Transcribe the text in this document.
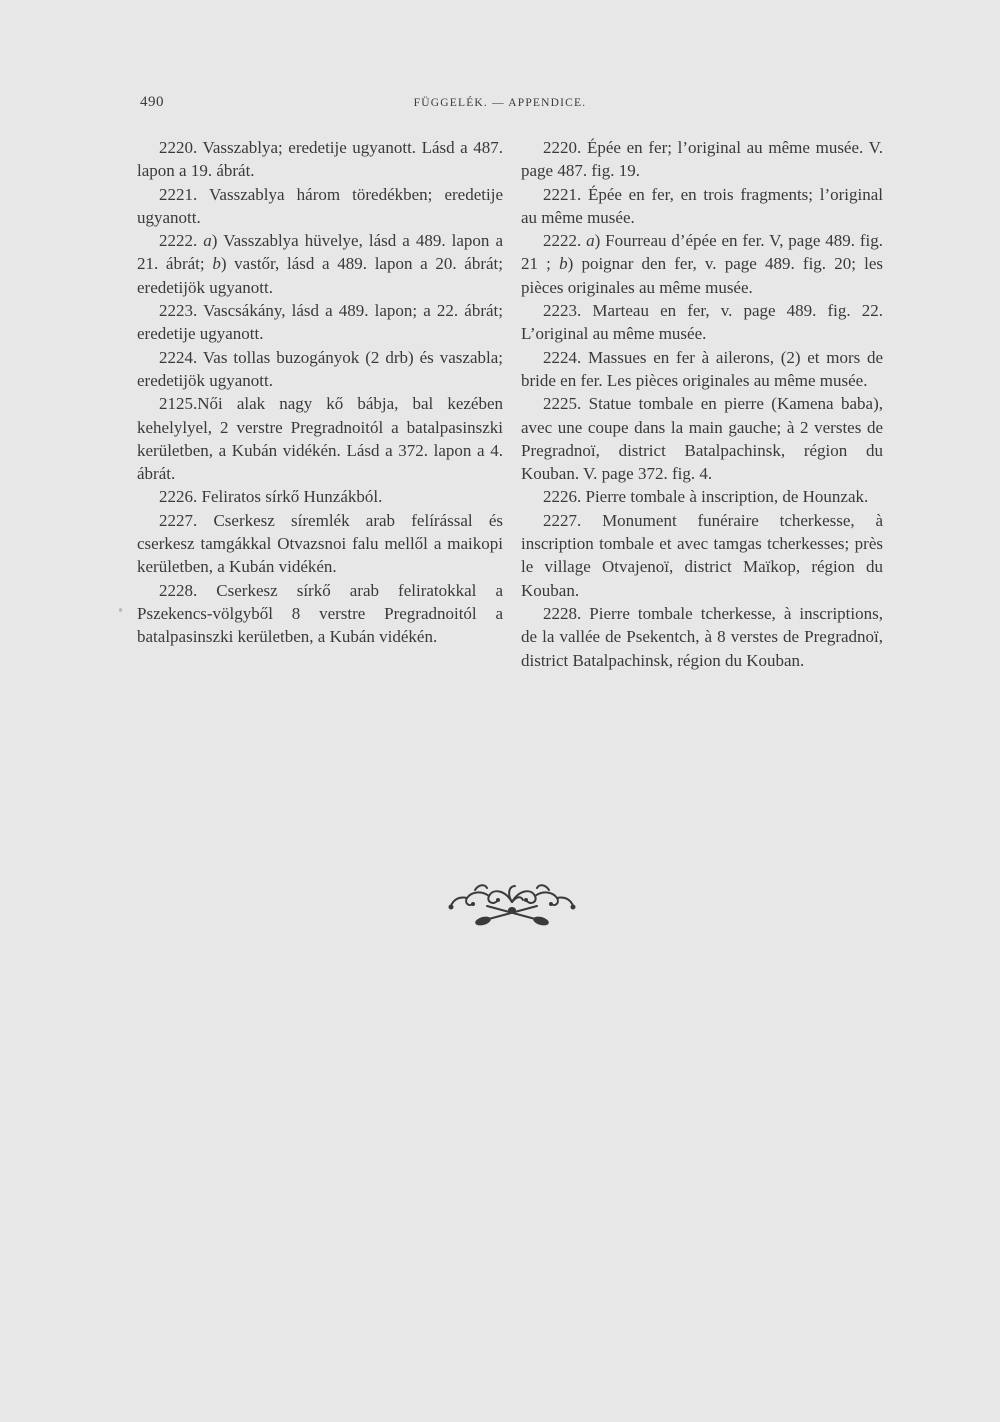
490	FÜGGELÉK. — APPENDICE.

2220. Vasszablya; eredetije ugyanott. Lásd a 487. lapon a 19. ábrát.

2221. Vasszablya három töredékben; eredetije ugyanott.

2222. a) Vasszablya hüvelye, lásd a 489. lapon a 21. ábrát; b) vastőr, lásd a 489. lapon a 20. ábrát; eredetijök ugyanott.

2223. Vascsákány, lásd a 489. lapon; a 22. ábrát; eredetije ugyanott.

2224. Vas tollas buzogányok (2 drb) és vaszabla; eredetijök ugyanott.

2125.Női alak nagy kő bábja, bal kezében kehelylyel, 2 verstre Pregradnoitól a batalpasinszki kerületben, a Kubán vidékén. Lásd a 372. lapon a 4. ábrát.

2226. Feliratos sírkő Hunzákból.

2227. Cserkesz síremlék arab felírással és cserkesz tamgákkal Otvazsnoi falu mellől a maikopi kerületben, a Kubán vidékén.

2228. Cserkesz sírkő arab feliratokkal a Pszekencs-völgyből 8 verstre Pregradnoitól a batalpasinszki kerületben, a Kubán vidékén.

2220. Épée en fer; l’original au même musée. V. page 487. fig. 19.

2221. Épée en fer, en trois fragments; l’original au même musée.

2222. a) Fourreau d’épée en fer. V, page 489. fig. 21 ; b) poignar den fer, v. page 489. fig. 20; les pièces originales au même musée.

2223. Marteau en fer, v. page 489. fig. 22. L’original au même musée.

2224. Massues en fer à ailerons, (2) et mors de bride en fer. Les pièces originales au même musée.

2225. Statue tombale en pierre (Kamena baba), avec une coupe dans la main gauche; à 2 verstes de Pregradnoï, district Batalpachinsk, région du Kouban. V. page 372. fig. 4.

2226. Pierre tombale à inscription, de Hounzak.

2227. Monument funéraire tcherkesse, à inscription tombale et avec tamgas tcherkesses; près le village Otvajenoï, district Maïkop, région du Kouban.

2228. Pierre tombale tcherkesse, à inscriptions, de la vallée de Psekentch, à 8 verstes de Pregradnoï, district Batalpachinsk, région du Kouban.
